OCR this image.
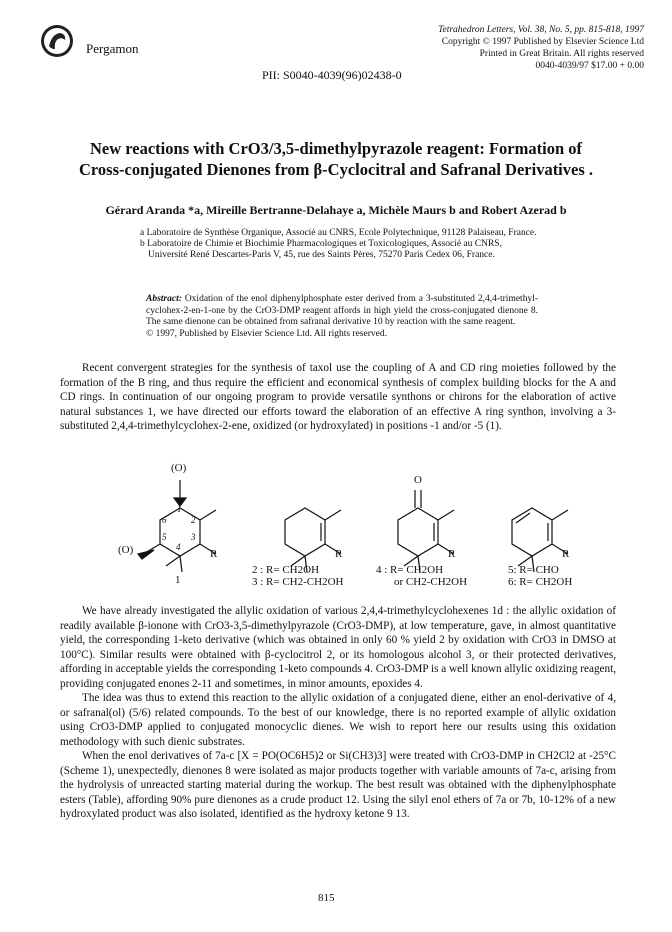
Pergamon
Tetrahedron Letters, Vol. 38, No. 5, pp. 815-818, 1997
Copyright © 1997 Published by Elsevier Science Ltd
Printed in Great Britain. All rights reserved
0040-4039/97 $17.00 + 0.00
PII: S0040-4039(96)02438-0
New reactions with CrO3/3,5-dimethylpyrazole reagent: Formation of
Cross-conjugated Dienones from β-Cyclocitral and Safranal Derivatives .
Gérard Aranda *a, Mireille Bertranne-Delahaye a, Michèle Maurs b and Robert Azerad b
a Laboratoire de Synthèse Organique, Associé au CNRS, Ecole Polytechnique, 91128 Palaiseau, France.
b Laboratoire de Chimie et Biochimie Pharmacologiques et Toxicologiques, Associé au CNRS,
Université René Descartes-Paris V, 45, rue des Saints Pères, 75270 Paris Cedex 06, France.
Abstract: Oxidation of the enol diphenylphosphate ester derived from a 3-substituted 2,4,4-trimethyl-cyclohex-2-en-1-one by the CrO3-DMP reagent affords in high yield the cross-conjugated dienone 8. The same dienone can be obtained from safranal derivative 10 by reaction with the same reagent.
© 1997, Published by Elsevier Science Ltd. All rights reserved.

Recent convergent strategies for the synthesis of taxol use the coupling of A and CD ring moieties followed by the formation of the B ring, and thus require the efficient and economical synthesis of complex building blocks for the A and CD rings. In continuation of our ongoing program to provide versatile synthons or chirons for the elaboration of active natural substances 1, we have directed our efforts toward the elaboration of an effective A ring synthon, involving a 3-substituted 2,4,4-trimethylcyclohex-2-ene, oxidized (or hydroxylated) in positions -1 and/or -5 (1).

(O)
(O)	R
1
2
3
4
5
6
R
O
R	R
1
2 : R= CH2OH
3 : R= CH2-CH2OH
4 : R= CH2OH
or CH2-CH2OH
5: R= CHO
6: R= CH2OH

We have already investigated the allylic oxidation of various 2,4,4-trimethylcyclohexenes 1d : the allylic oxidation of readily available β-ionone with CrO3-3,5-dimethylpyrazole (CrO3-DMP), at low temperature, gave, in almost quantitative yield, the corresponding 1-keto derivative (which was obtained in only 60 % yield 2 by oxidation with CrO3 in DMSO at 100°C). Similar results were obtained with β-cyclocitrol 2, or its homologous alcohol 3, or their protected derivatives, affording in acceptable yields the corresponding 1-keto compounds 4. CrO3-DMP is a well known allylic oxidizing reagent, providing conjugated enones 2-11 and sometimes, in minor amounts, epoxides 4.

The idea was thus to extend this reaction to the allylic oxidation of a conjugated diene, either an enol-derivative of 4, or safranal(ol) (5/6) related compounds. To the best of our knowledge, there is no reported example of allylic oxidation using CrO3-DMP applied to conjugated monocyclic dienes. We wish to report here our results using this oxidation methodology with such dienic substrates.

When the enol derivatives of 7a-c [X = PO(OC6H5)2 or Si(CH3)3] were treated with CrO3-DMP in CH2Cl2 at -25°C (Scheme 1), unexpectedly, dienones 8 were isolated as major products together with variable amounts of 7a-c, arising from the hydrolysis of unreacted starting material during the workup. The best result was obtained with the diphenylphosphate esters (Table), affording 90% pure dienones as a crude product 12. Using the silyl enol ethers of 7a or 7b, 10-12% of a new hydroxylated product was also isolated, identified as the hydroxy ketone 9 13.

815
